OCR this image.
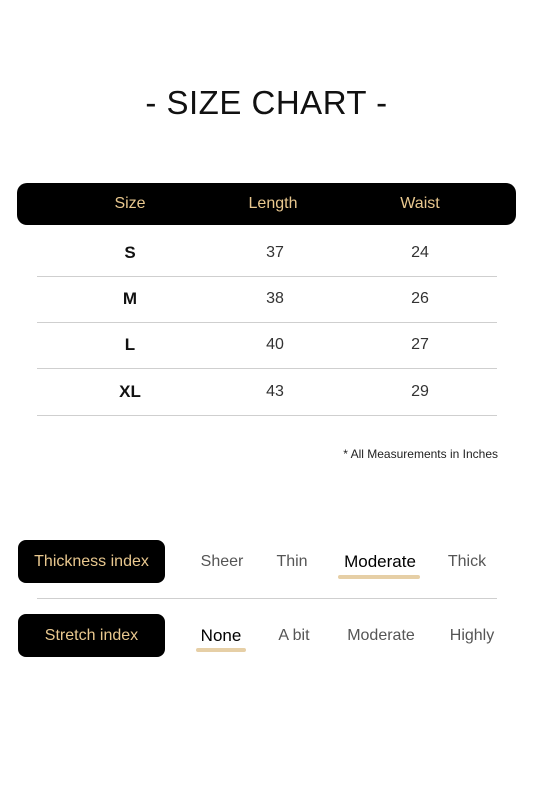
- SIZE CHART -
Size	Length	Waist
S	37	24
M	38	26
L	40	27
XL	43	29
* All Measurements in Inches
Thickness index	Sheer	Thin	Moderate	Thick
Stretch index	None	A bit	Moderate	Highly
